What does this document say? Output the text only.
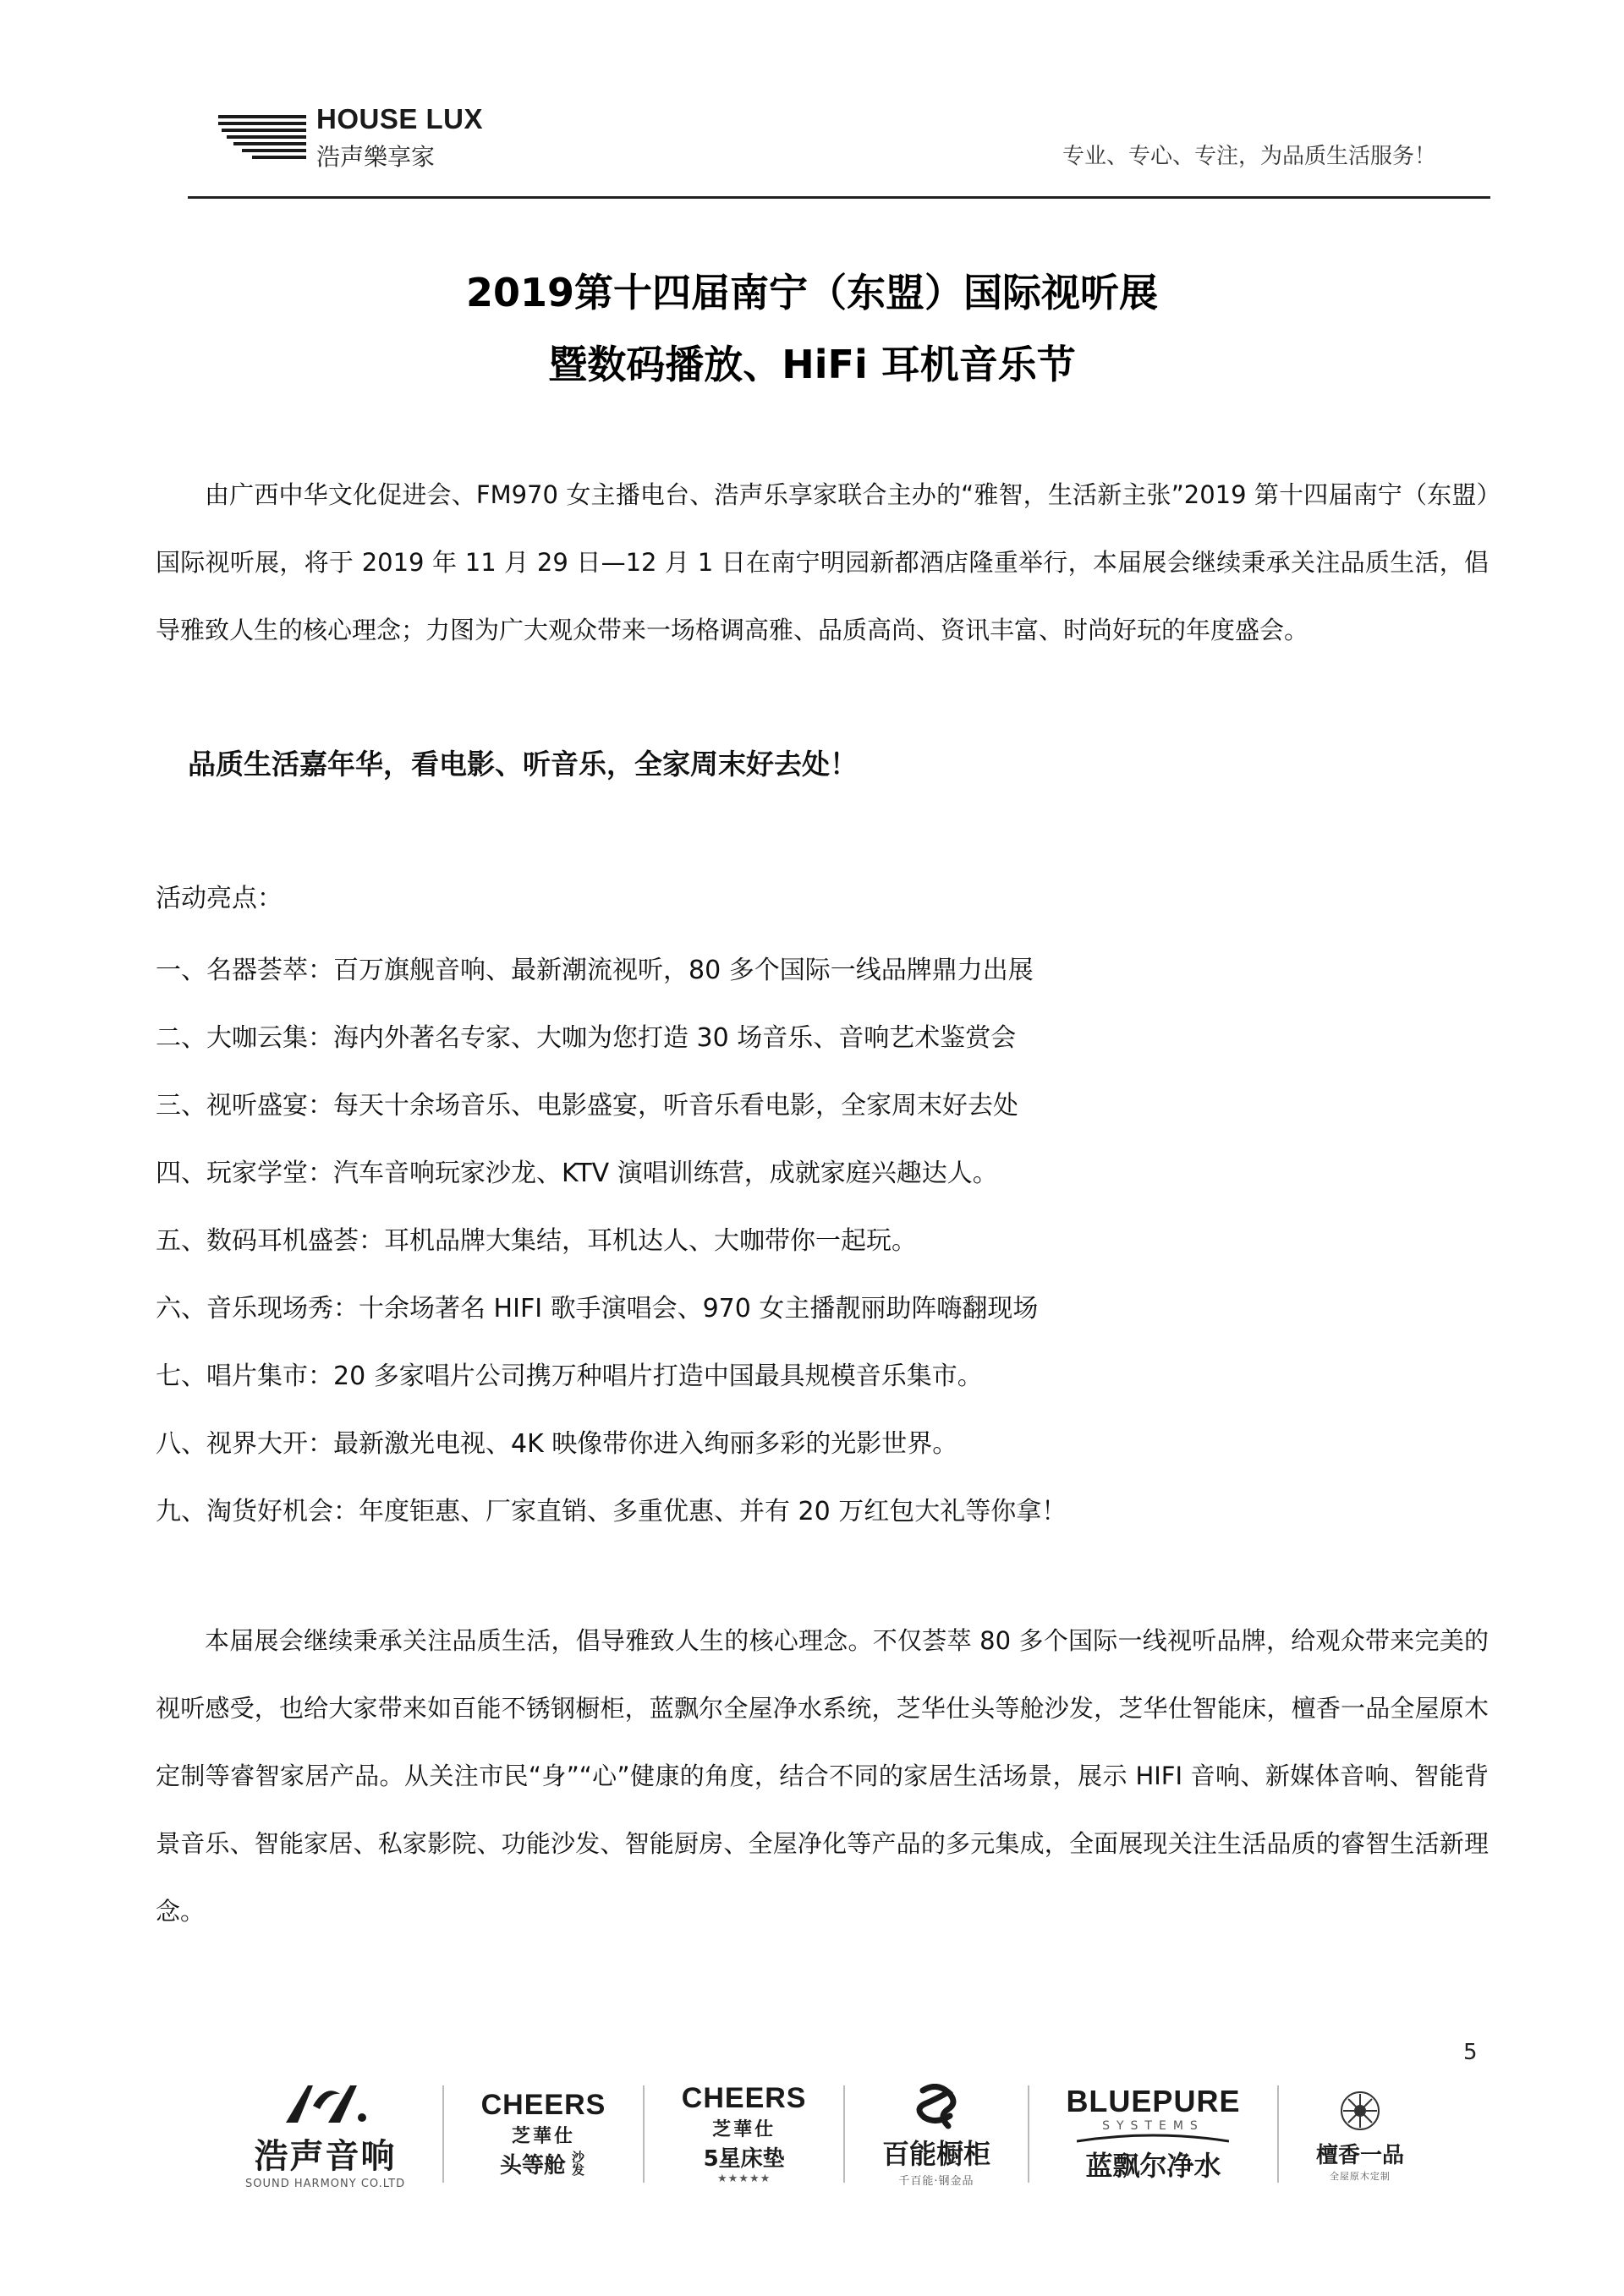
HOUSE LUX
浩声樂享家	专业、专心、专注，为品质生活服务！
2019第十四届南宁（东盟）国际视听展
暨数码播放、HiFi 耳机音乐节

由广西中华文化促进会、FM970 女主播电台、浩声乐享家联合主办的“雅智，生活新主张”2019 第十四届南宁（东盟）国际视听展，将于 2019 年 11 月 29 日—12 月 1 日在南宁明园新都酒店隆重举行，本届展会继续秉承关注品质生活，倡导雅致人生的核心理念；力图为广大观众带来一场格调高雅、品质高尚、资讯丰富、时尚好玩的年度盛会。

品质生活嘉年华，看电影、听音乐，全家周末好去处！
活动亮点：
一、名器荟萃：百万旗舰音响、最新潮流视听，80 多个国际一线品牌鼎力出展
二、大咖云集：海内外著名专家、大咖为您打造 30 场音乐、音响艺术鉴赏会
三、视听盛宴：每天十余场音乐、电影盛宴，听音乐看电影，全家周末好去处
四、玩家学堂：汽车音响玩家沙龙、KTV 演唱训练营，成就家庭兴趣达人。
五、数码耳机盛荟：耳机品牌大集结，耳机达人、大咖带你一起玩。
六、音乐现场秀：十余场著名 HIFI 歌手演唱会、970 女主播靓丽助阵嗨翻现场
七、唱片集市：20 多家唱片公司携万种唱片打造中国最具规模音乐集市。
八、视界大开：最新激光电视、4K 映像带你进入绚丽多彩的光影世界。
九、淘货好机会：年度钜惠、厂家直销、多重优惠、并有 20 万红包大礼等你拿！

本届展会继续秉承关注品质生活，倡导雅致人生的核心理念。不仅荟萃 80 多个国际一线视听品牌，给观众带来完美的视听感受，也给大家带来如百能不锈钢橱柜，蓝飘尔全屋净水系统，芝华仕头等舱沙发，芝华仕智能床，檀香一品全屋原木定制等睿智家居产品。从关注市民“身”“心”健康的角度，结合不同的家居生活场景，展示 HIFI 音响、新媒体音响、智能背景音乐、智能家居、私家影院、功能沙发、智能厨房、全屋净化等产品的多元集成，全面展现关注生活品质的睿智生活新理念。

5
浩声音响
SOUND HARMONY CO.LTD
CHEERS
芝華仕
头等舱 沙发
CHEERS
芝華仕
5星床垫
★★★★★
百能橱柜
千百能·钢金品
BLUEPURE
SYSTEMS
蓝飘尔净水	檀香一品
全屋原木定制
